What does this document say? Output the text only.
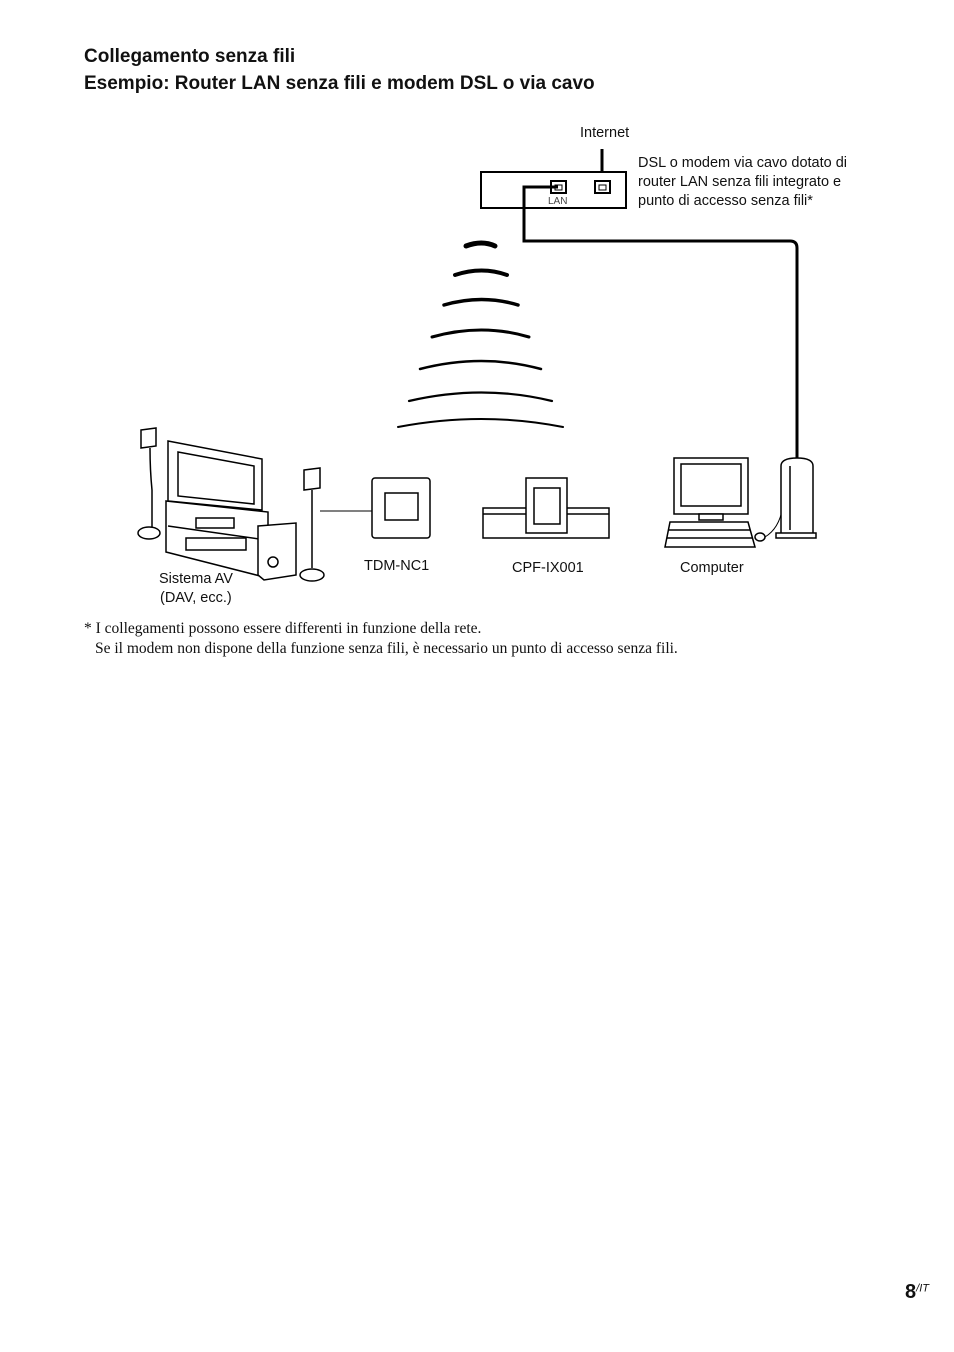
Collegamento senza fili
Esempio: Router LAN senza fili e modem DSL o via cavo
Internet
LAN
DSL o modem via cavo dotato di
router LAN senza fili integrato e
punto di accesso senza fili*
Sistema AV
(DAV, ecc.)
TDM-NC1	CPF-IX001	Computer

* I collegamenti possono essere differenti in funzione della rete.

Se il modem non dispone della funzione senza fili, è necessario un punto di accesso senza fili.

$8^{/IT}$
